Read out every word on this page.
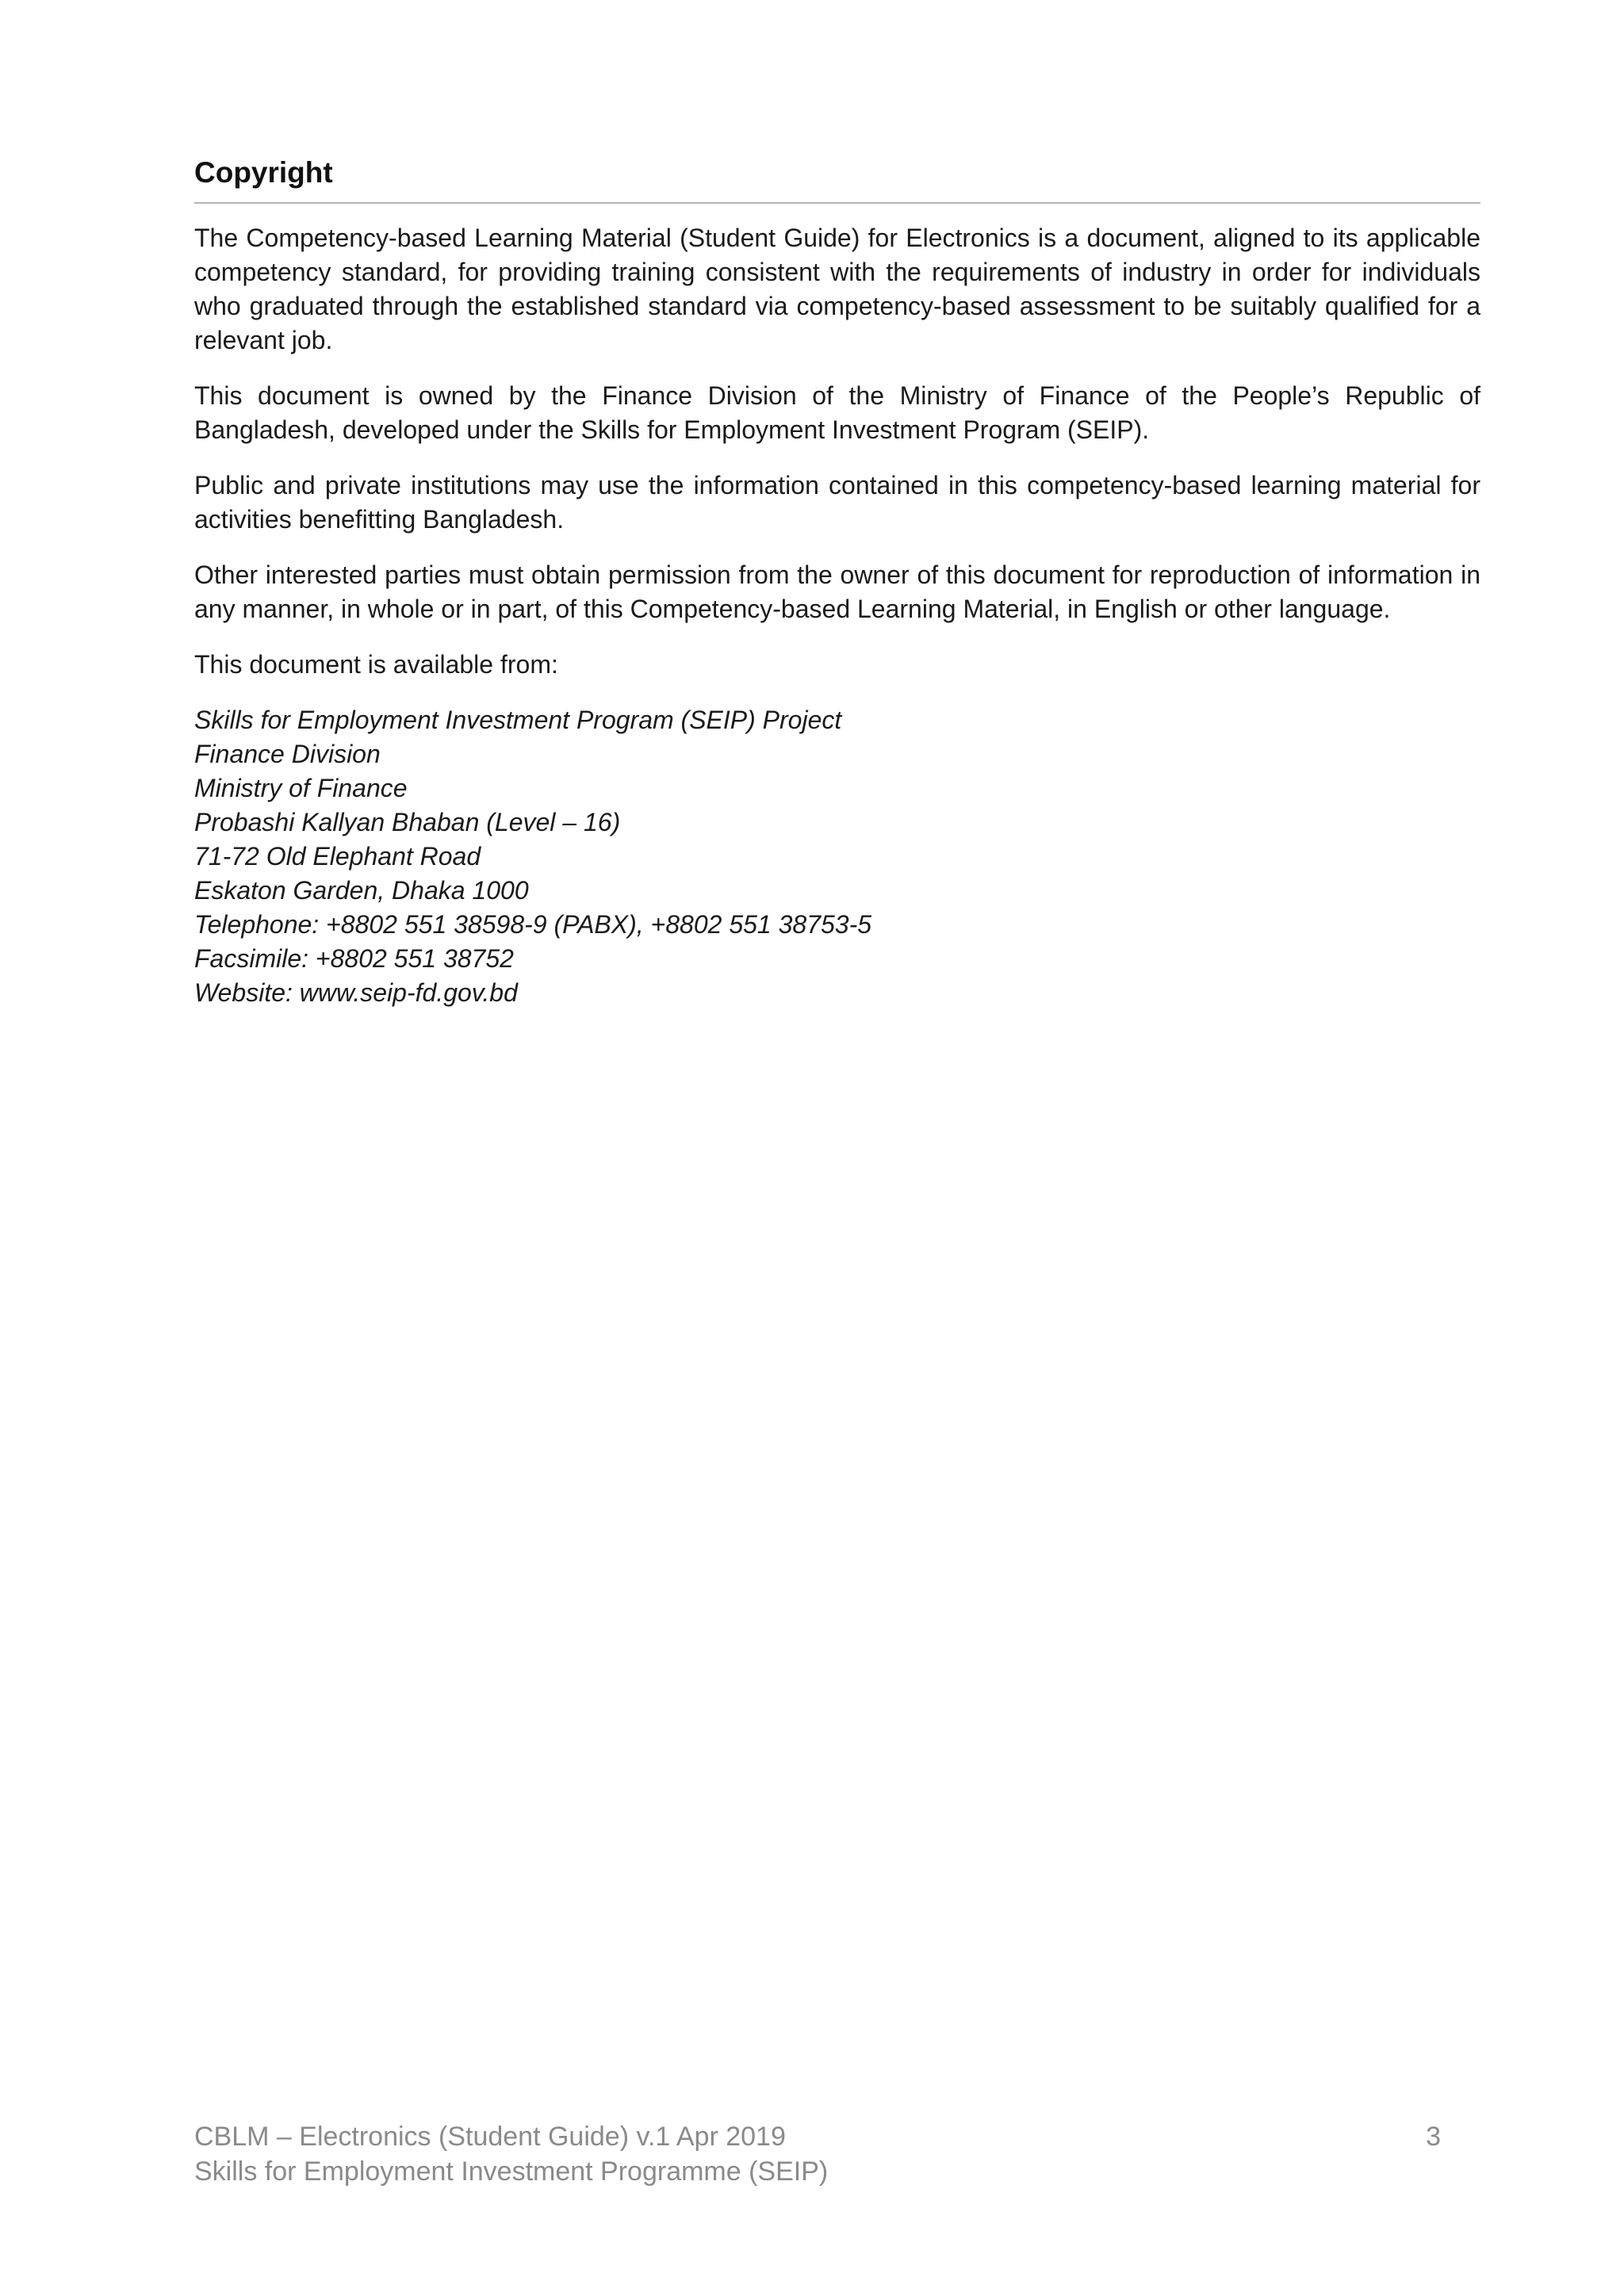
Copyright

The Competency-based Learning Material (Student Guide) for Electronics is a document, aligned to its applicable competency standard, for providing training consistent with the requirements of industry in order for individuals who graduated through the established standard via competency-based assessment to be suitably qualified for a relevant job.

This document is owned by the Finance Division of the Ministry of Finance of the People’s Republic of Bangladesh, developed under the Skills for Employment Investment Program (SEIP).

Public and private institutions may use the information contained in this competency-based learning material for activities benefitting Bangladesh.

Other interested parties must obtain permission from the owner of this document for reproduction of information in any manner, in whole or in part, of this Competency-based Learning Material, in English or other language.

This document is available from:

Skills for Employment Investment Program (SEIP) Project
Finance Division
Ministry of Finance
Probashi Kallyan Bhaban (Level – 16)
71-72 Old Elephant Road
Eskaton Garden, Dhaka 1000
Telephone: +8802 551 38598-9 (PABX), +8802 551 38753-5
Facsimile: +8802 551 38752
Website: www.seip-fd.gov.bd
CBLM – Electronics (Student Guide) v.1 Apr 2019	3
Skills for Employment Investment Programme (SEIP)
